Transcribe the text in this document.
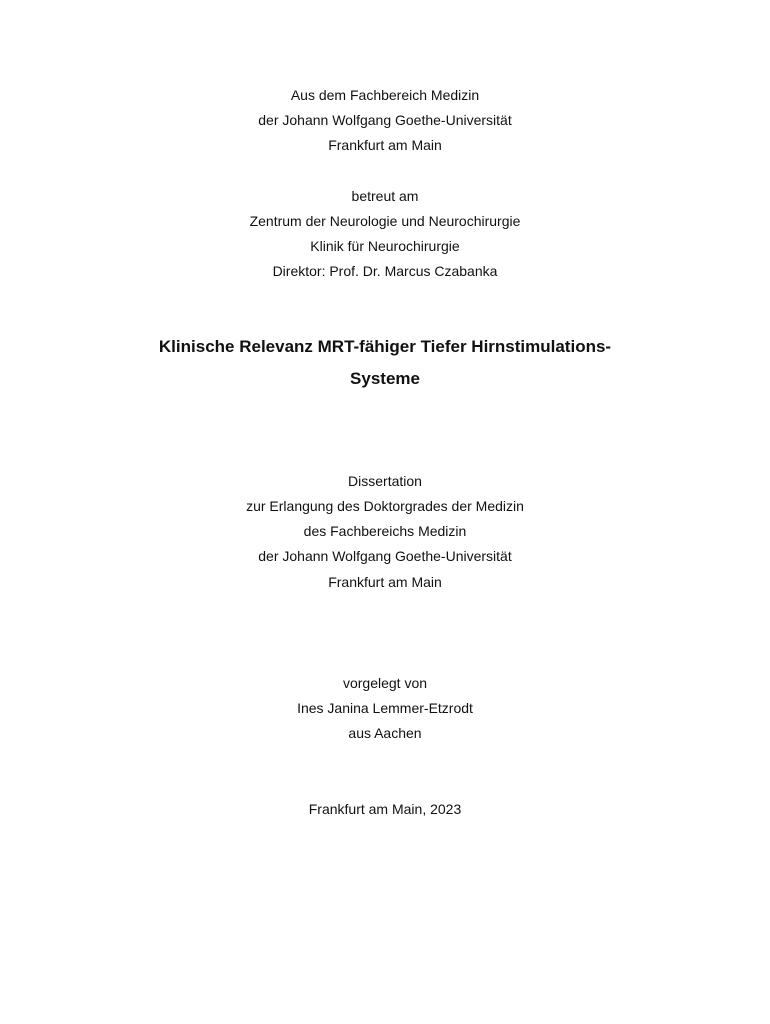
Aus dem Fachbereich Medizin
der Johann Wolfgang Goethe-Universität
Frankfurt am Main
betreut am
Zentrum der Neurologie und Neurochirurgie
Klinik für Neurochirurgie
Direktor: Prof. Dr. Marcus Czabanka
Klinische Relevanz MRT-fähiger Tiefer Hirnstimulations-
Systeme
Dissertation
zur Erlangung des Doktorgrades der Medizin
des Fachbereichs Medizin
der Johann Wolfgang Goethe-Universität
Frankfurt am Main
vorgelegt von
Ines Janina Lemmer-Etzrodt
aus Aachen
Frankfurt am Main, 2023
